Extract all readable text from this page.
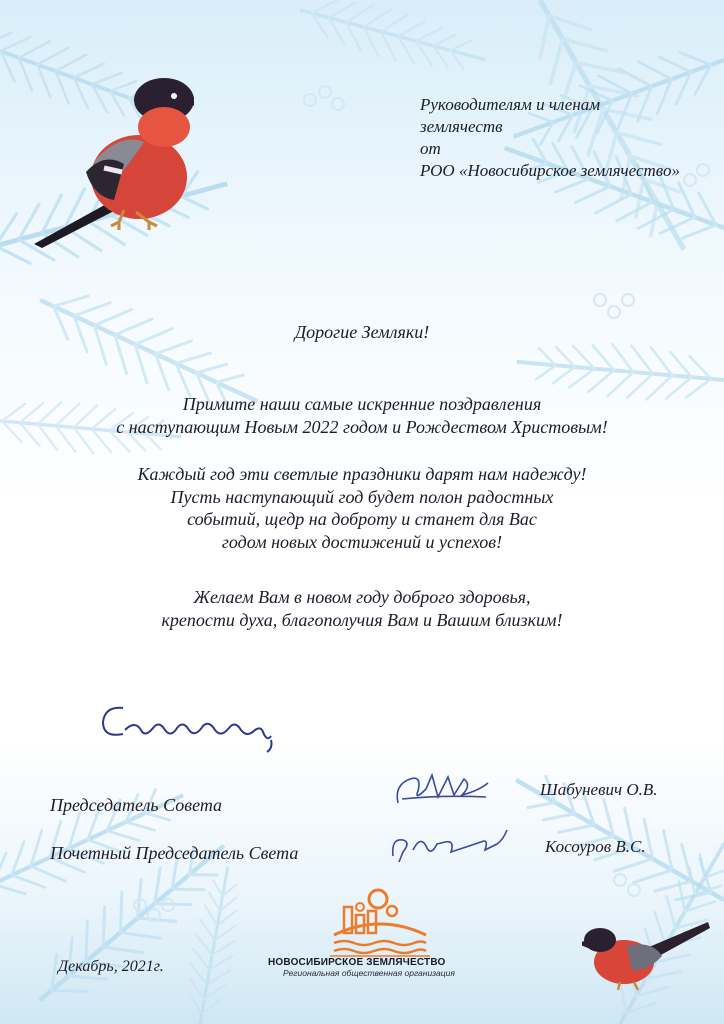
Руководителям и членам
землячеств
от
РОО «Новосибирское землячество»
Дорогие Земляки!
Примите наши самые искренние поздравления
с наступающим Новым 2022 годом и Рождеством Христовым!
Каждый год эти светлые праздники дарят нам надежду!
Пусть наступающий год будет полон радостных
событий, щедр на доброту и станет для Вас
годом новых достижений и успехов!
Желаем Вам в новом году доброго здоровья,
крепости духа, благополучия Вам и Вашим близким!
Председатель Совета
Шабуневич О.В.
Почетный Председатель Света	Косоуров В.С.
Декабрь, 2021г.	НОВОСИБИРСКОЕ ЗЕМЛЯЧЕСТВО
Региональная общественная организация
